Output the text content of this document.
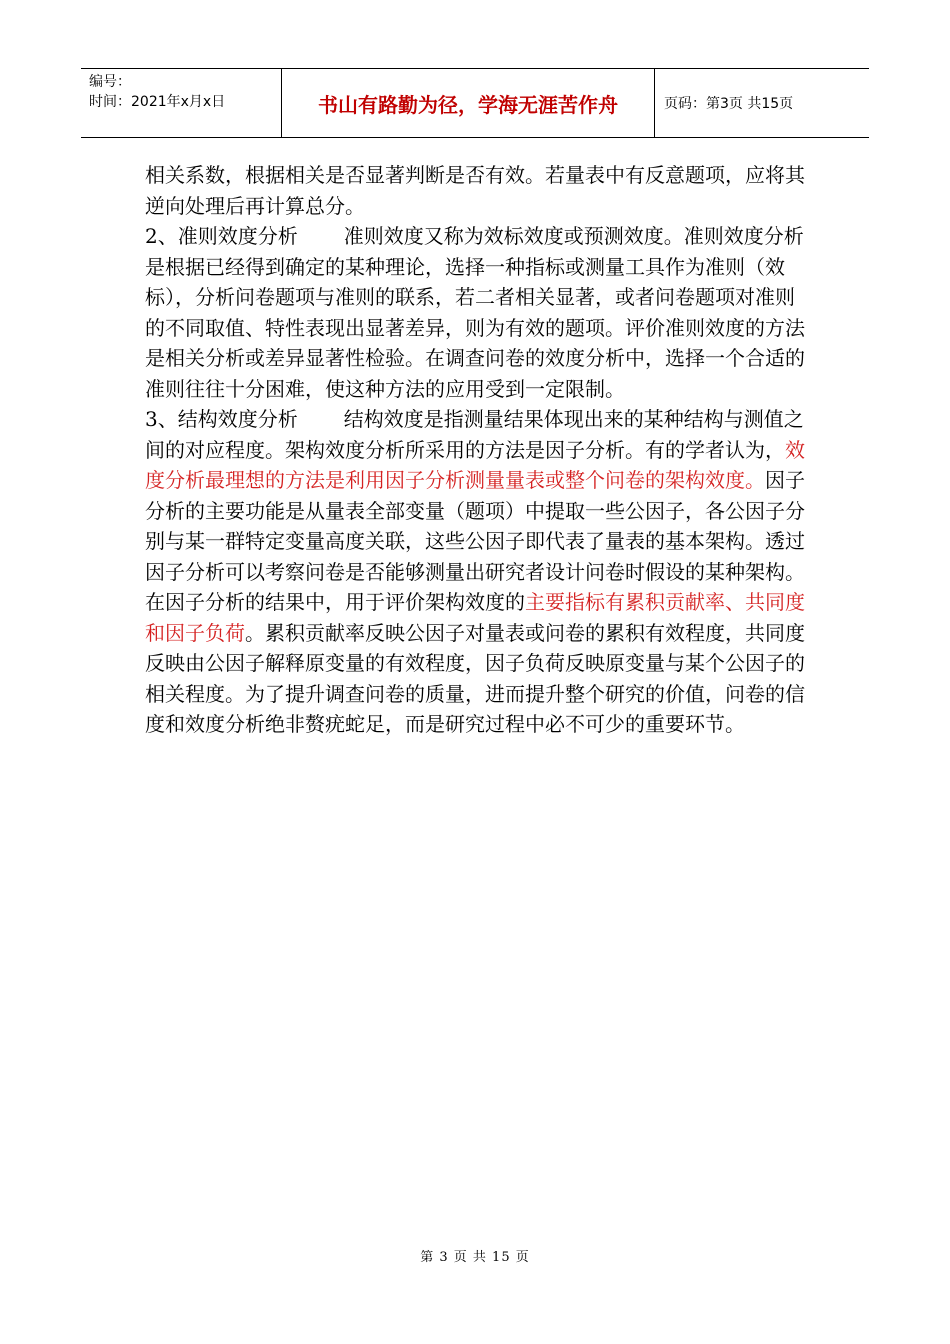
编号：
时间：2021年x月x日	书山有路勤为径，学海无涯苦作舟	页码：第3页 共15页

相关系数，根据相关是否显著判断是否有效。若量表中有反意题项，应将其逆向处理后再计算总分。

2、准则效度分析 准则效度又称为效标效度或预测效度。准则效度分析是根据已经得到确定的某种理论，选择一种指标或测量工具作为准则（效标），分析问卷题项与准则的联系，若二者相关显著，或者问卷题项对准则的不同取值、特性表现出显著差异，则为有效的题项。评价准则效度的方法是相关分析或差异显著性检验。在调查问卷的效度分析中，选择一个合适的准则往往十分困难，使这种方法的应用受到一定限制。

3、结构效度分析 结构效度是指测量结果体现出来的某种结构与测值之间的对应程度。架构效度分析所采用的方法是因子分析。有的学者认为，效度分析最理想的方法是利用因子分析测量量表或整个问卷的架构效度。因子分析的主要功能是从量表全部变量（题项）中提取一些公因子，各公因子分别与某一群特定变量高度关联，这些公因子即代表了量表的基本架构。透过因子分析可以考察问卷是否能够测量出研究者设计问卷时假设的某种架构。在因子分析的结果中，用于评价架构效度的主要指标有累积贡献率、共同度和因子负荷。累积贡献率反映公因子对量表或问卷的累积有效程度，共同度反映由公因子解释原变量的有效程度，因子负荷反映原变量与某个公因子的相关程度。为了提升调查问卷的质量，进而提升整个研究的价值，问卷的信度和效度分析绝非赘疣蛇足，而是研究过程中必不可少的重要环节。

第 3 页 共 15 页
